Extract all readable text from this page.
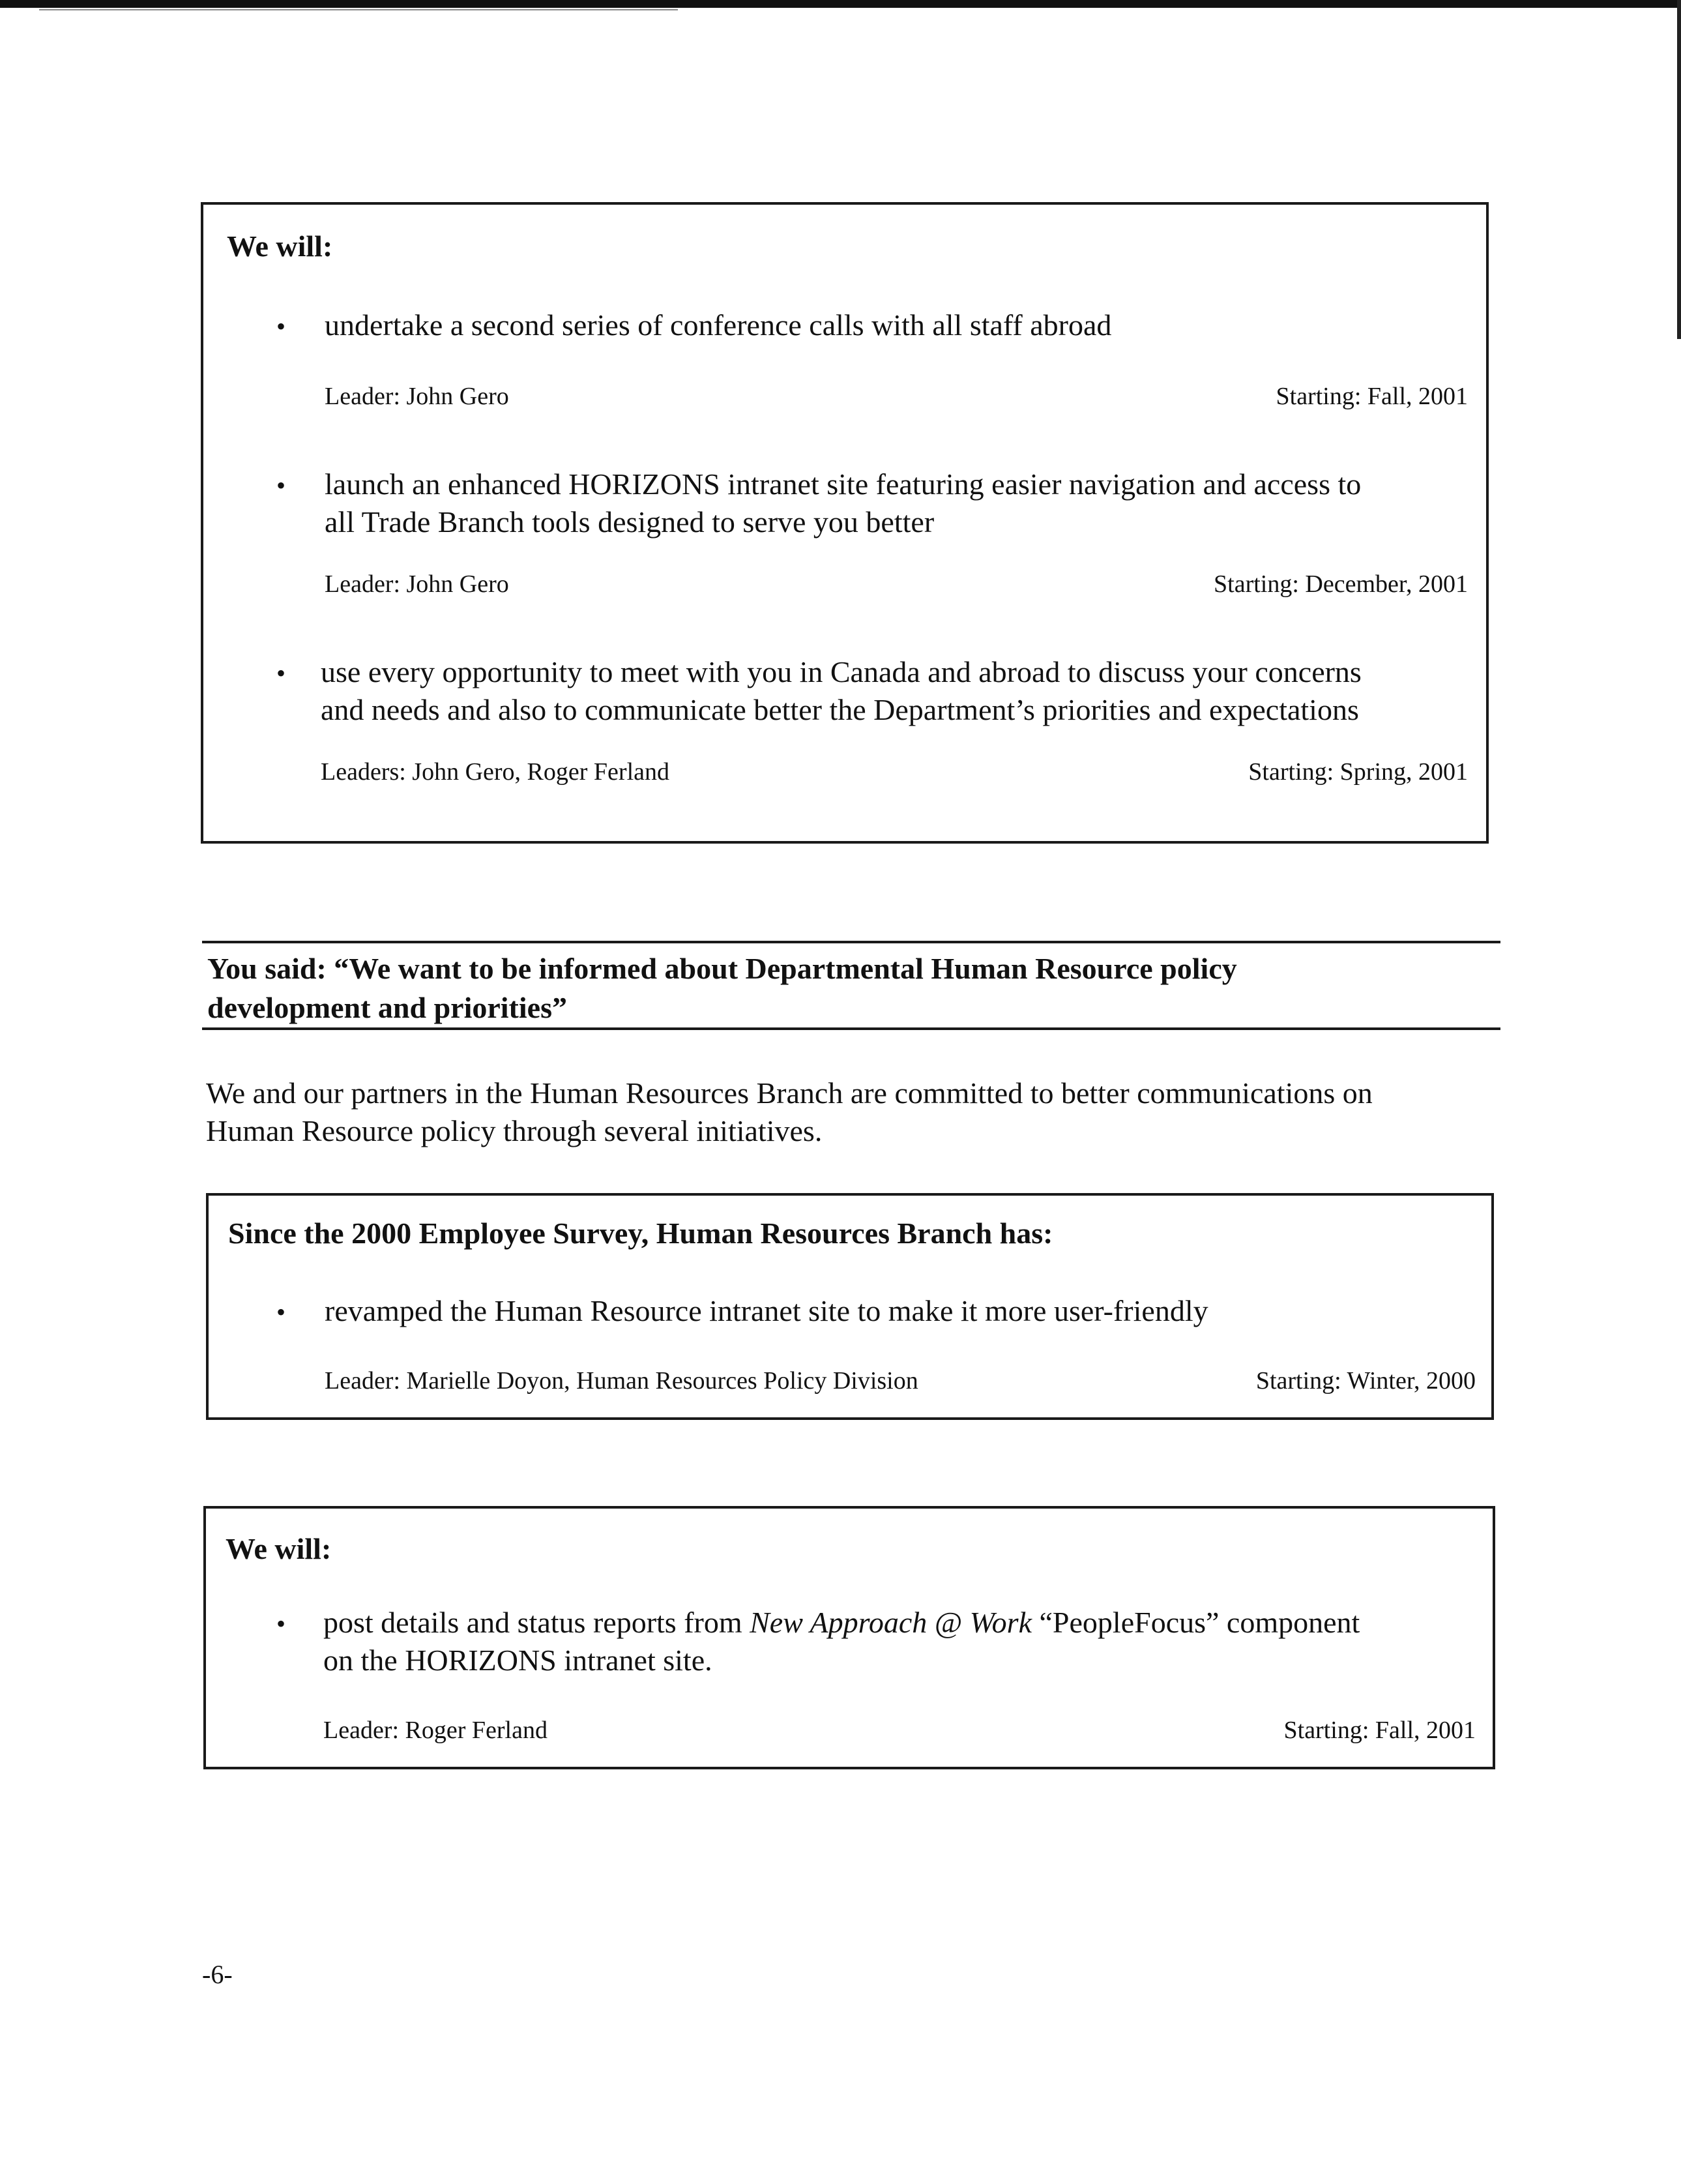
We will:
• undertake a second series of conference calls with all staff abroad
Leader: John Gero	Starting: Fall, 2001
• launch an enhanced HORIZONS intranet site featuring easier navigation and access to
all Trade Branch tools designed to serve you better
Leader: John Gero	Starting: December, 2001
• use every opportunity to meet with you in Canada and abroad to discuss your concerns
and needs and also to communicate better the Department’s priorities and expectations
Leaders: John Gero, Roger Ferland	Starting: Spring, 2001
You said: “We want to be informed about Departmental Human Resource policy
development and priorities”
We and our partners in the Human Resources Branch are committed to better communications on
Human Resource policy through several initiatives.
Since the 2000 Employee Survey, Human Resources Branch has:
• revamped the Human Resource intranet site to make it more user-friendly
Leader: Marielle Doyon, Human Resources Policy Division	Starting: Winter, 2000
We will:
• post details and status reports from New Approach @ Work “PeopleFocus” component
on the HORIZONS intranet site.
Leader: Roger Ferland	Starting: Fall, 2001
-6-
